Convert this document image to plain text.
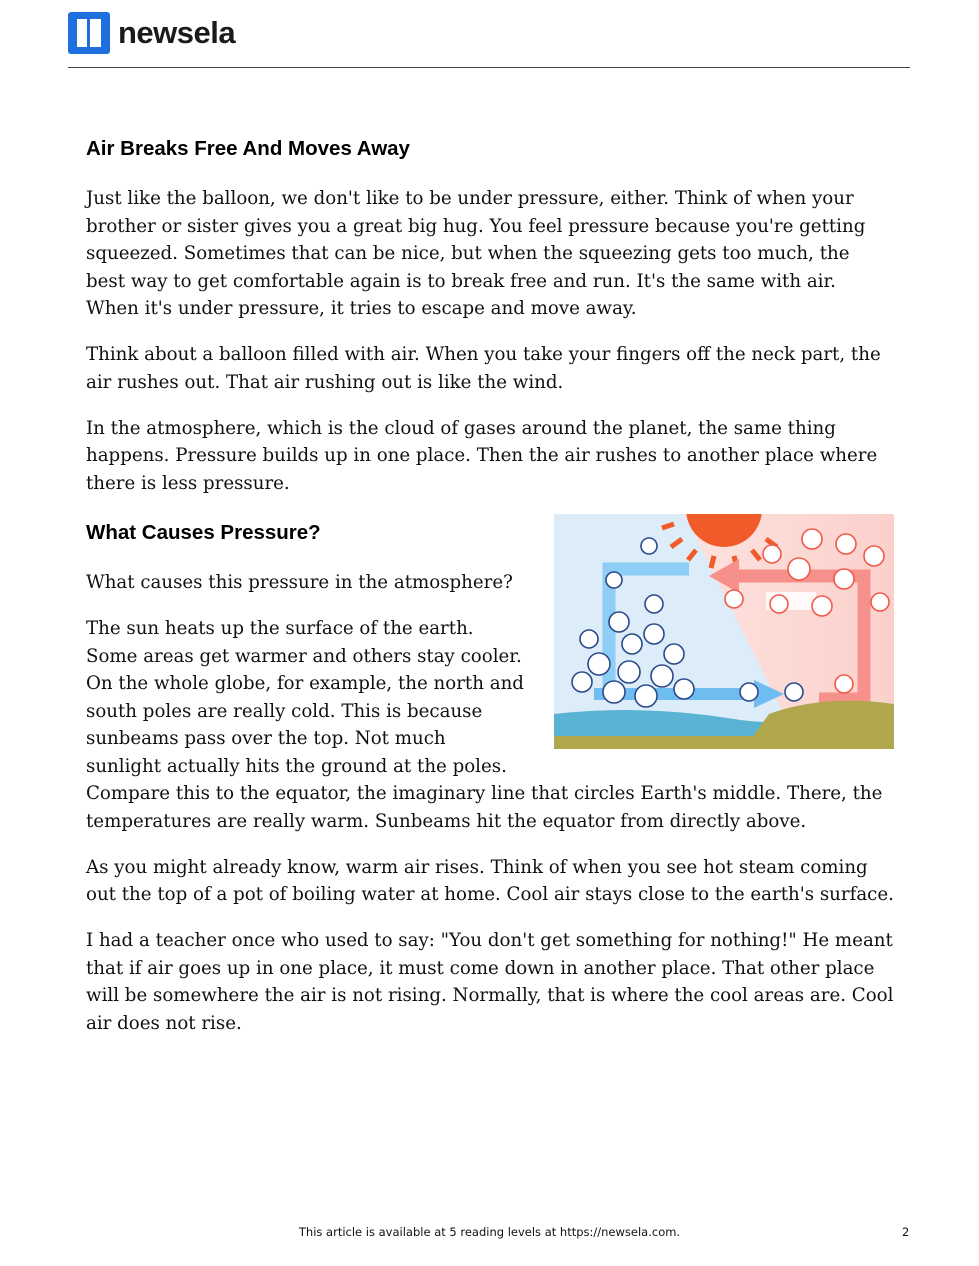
newsela
Air Breaks Free And Moves Away

Just like the balloon, we don't like to be under pressure, either. Think of when your brother or sister gives you a great big hug. You feel pressure because you're getting squeezed. Sometimes that can be nice, but when the squeezing gets too much, the best way to get comfortable again is to break free and run. It's the same with air. When it's under pressure, it tries to escape and move away.

Think about a balloon filled with air. When you take your fingers off the neck part, the air rushes out. That air rushing out is like the wind.

In the atmosphere, which is the cloud of gases around the planet, the same thing happens. Pressure builds up in one place. Then the air rushes to another place where there is less pressure.

What Causes Pressure?

What causes this pressure in the atmosphere?

The sun heats up the surface of the earth. Some areas get warmer and others stay cooler. On the whole globe, for example, the north and south poles are really cold. This is because sunbeams pass over the top. Not much sunlight actually hits the ground at the poles. Compare this to the equator, the imaginary line that circles Earth's middle. There, the temperatures are really warm. Sunbeams hit the equator from directly above.

As you might already know, warm air rises. Think of when you see hot steam coming out the top of a pot of boiling water at home. Cool air stays close to the earth's surface.

I had a teacher once who used to say: "You don't get something for nothing!" He meant that if air goes up in one place, it must come down in another place. That other place will be somewhere the air is not rising. Normally, that is where the cool areas are. Cool air does not rise.

This article is available at 5 reading levels at https://newsela.com.	2
